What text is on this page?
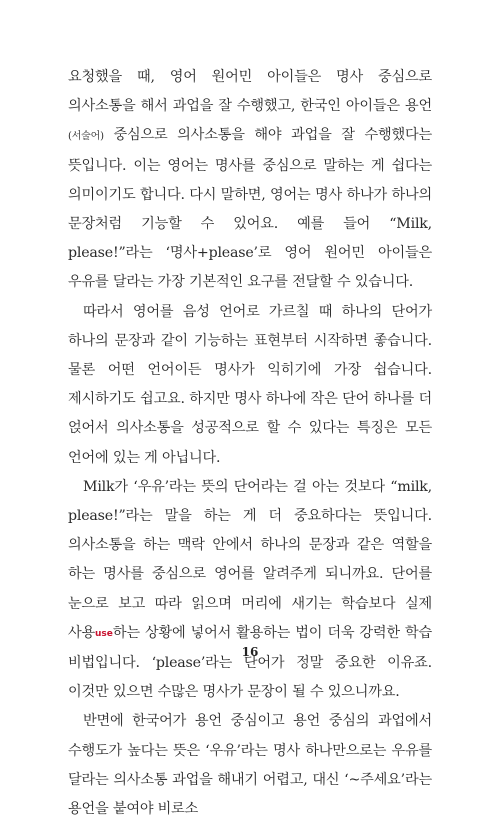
요청했을 때, 영어 원어민 아이들은 명사 중심으로 의사소통을 해서 과업을 잘 수행했고, 한국인 아이들은 용언(서술어) 중심으로 의사소통을 해야 과업을 잘 수행했다는 뜻입니다. 이는 영어는 명사를 중심으로 말하는 게 쉽다는 의미이기도 합니다. 다시 말하면, 영어는 명사 하나가 하나의 문장처럼 기능할 수 있어요. 예를 들어 “Milk, please!”라는 ‘명사+please’로 영어 원어민 아이들은 우유를 달라는 가장 기본적인 요구를 전달할 수 있습니다.

따라서 영어를 음성 언어로 가르칠 때 하나의 단어가 하나의 문장과 같이 기능하는 표현부터 시작하면 좋습니다. 물론 어떤 언어이든 명사가 익히기에 가장 쉽습니다. 제시하기도 쉽고요. 하지만 명사 하나에 작은 단어 하나를 더 얹어서 의사소통을 성공적으로 할 수 있다는 특징은 모든 언어에 있는 게 아닙니다.

Milk가 ‘우유’라는 뜻의 단어라는 걸 아는 것보다 “milk, please!”라는 말을 하는 게 더 중요하다는 뜻입니다. 의사소통을 하는 맥락 안에서 하나의 문장과 같은 역할을 하는 명사를 중심으로 영어를 알려주게 되니까요. 단어를 눈으로 보고 따라 읽으며 머리에 새기는 학습보다 실제 사용use하는 상황에 넣어서 활용하는 법이 더욱 강력한 학습 비법입니다. ‘please’라는 단어가 정말 중요한 이유죠. 이것만 있으면 수많은 명사가 문장이 될 수 있으니까요.

반면에 한국어가 용언 중심이고 용언 중심의 과업에서 수행도가 높다는 뜻은 ‘우유’라는 명사 하나만으로는 우유를 달라는 의사소통 과업을 해내기 어렵고, 대신 ‘~주세요’라는 용언을 붙여야 비로소

16
